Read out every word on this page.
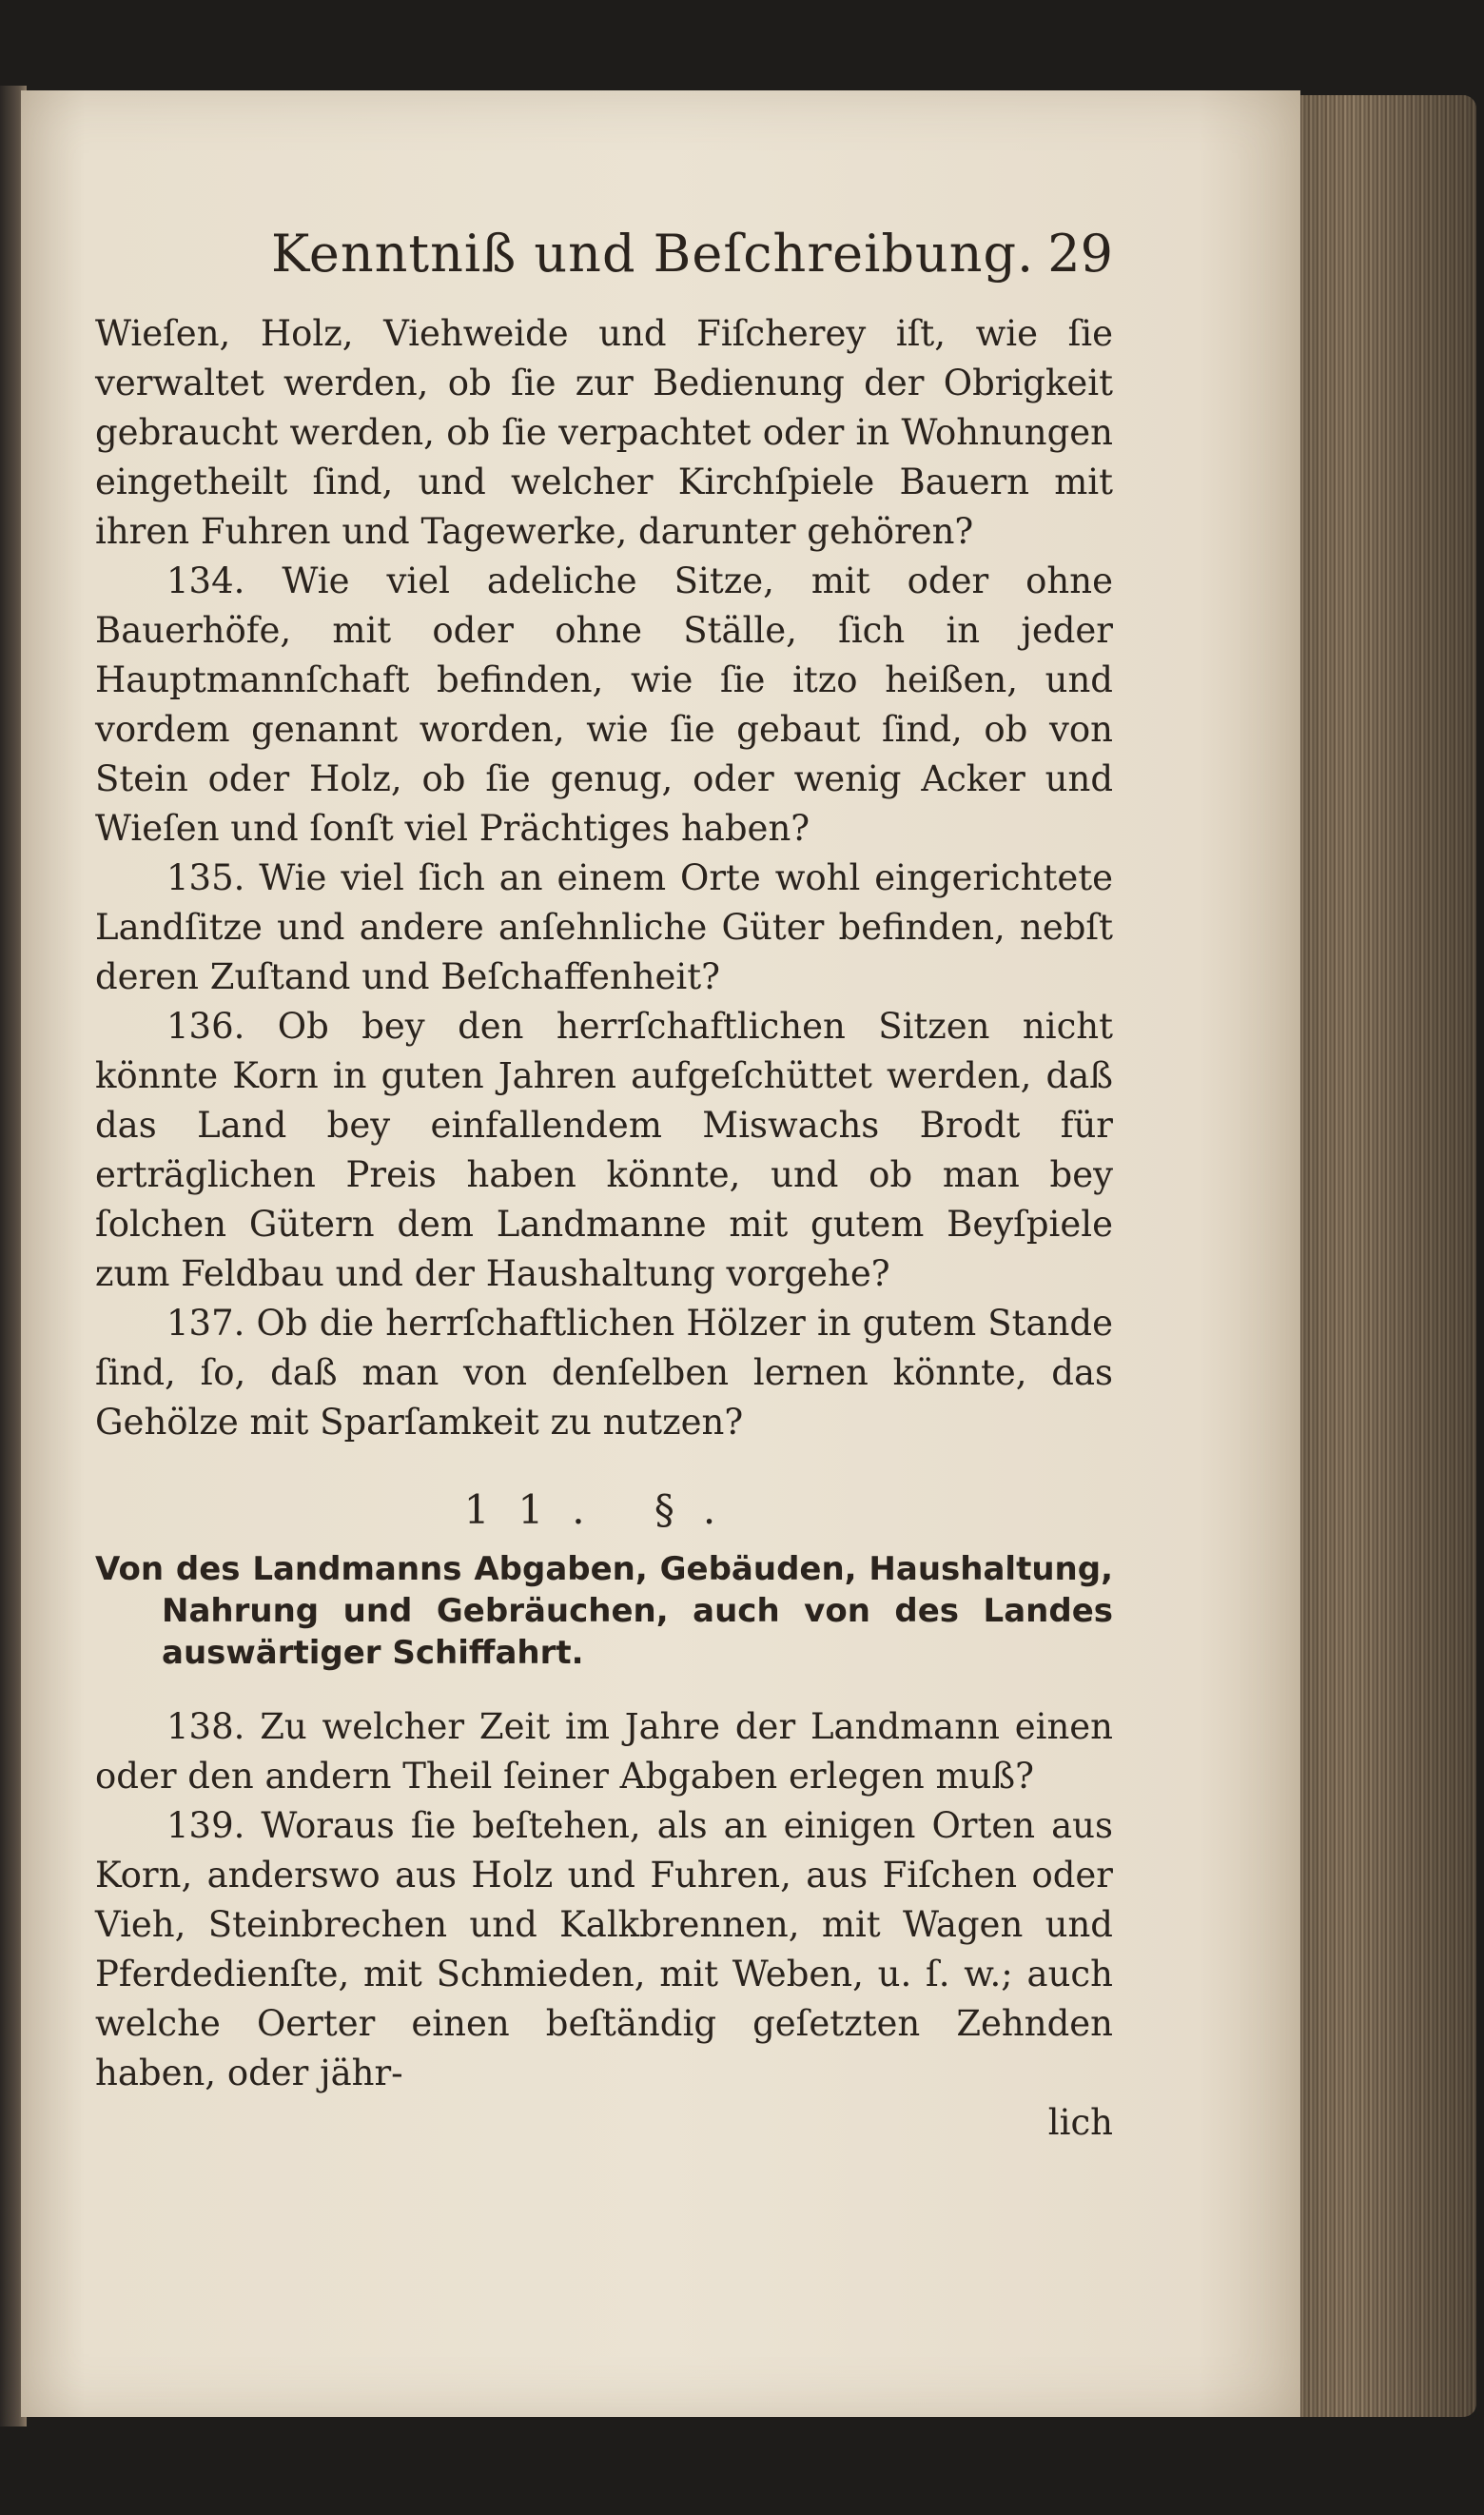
Kenntniß und Beſchreibung. 29

Wieſen, Holz, Viehweide und Fiſcherey iſt, wie ſie verwaltet werden, ob ſie zur Bedienung der Obrigkeit gebraucht werden, ob ſie verpachtet oder in Wohnungen eingetheilt ſind, und welcher Kirchſpiele Bauern mit ihren Fuhren und Tagewerke, darunter gehören?

134. Wie viel adeliche Sitze, mit oder ohne Bauerhöfe, mit oder ohne Ställe, ſich in jeder Hauptmannſchaft befinden, wie ſie itzo heißen, und vordem genannt worden, wie ſie gebaut ſind, ob von Stein oder Holz, ob ſie genug, oder wenig Acker und Wieſen und ſonſt viel Prächtiges haben?

135. Wie viel ſich an einem Orte wohl eingerichtete Landſitze und andere anſehnliche Güter befinden, nebſt deren Zuſtand und Beſchaffenheit?

136. Ob bey den herrſchaftlichen Sitzen nicht könnte Korn in guten Jahren aufgeſchüttet werden, daß das Land bey einfallendem Miswachs Brodt für erträglichen Preis haben könnte, und ob man bey ſolchen Gütern dem Landmanne mit gutem Beyſpiele zum Feldbau und der Haushaltung vorgehe?

137. Ob die herrſchaftlichen Hölzer in gutem Stande ſind, ſo, daß man von denſelben lernen könnte, das Gehölze mit Sparſamkeit zu nutzen?

11. §.
Von des Landmanns Abgaben, Gebäuden, Haushaltung, Nahrung und Gebräuchen, auch von des Landes auswärtiger Schiffahrt.

138. Zu welcher Zeit im Jahre der Landmann einen oder den andern Theil ſeiner Abgaben erlegen muß?

139. Woraus ſie beſtehen, als an einigen Orten aus Korn, anderswo aus Holz und Fuhren, aus Fiſchen oder Vieh, Steinbrechen und Kalkbrennen, mit Wagen und Pferdedienſte, mit Schmieden, mit Weben, u. ſ. w.; auch welche Oerter einen beſtändig geſetzten Zehnden haben, oder jähr-

lich
